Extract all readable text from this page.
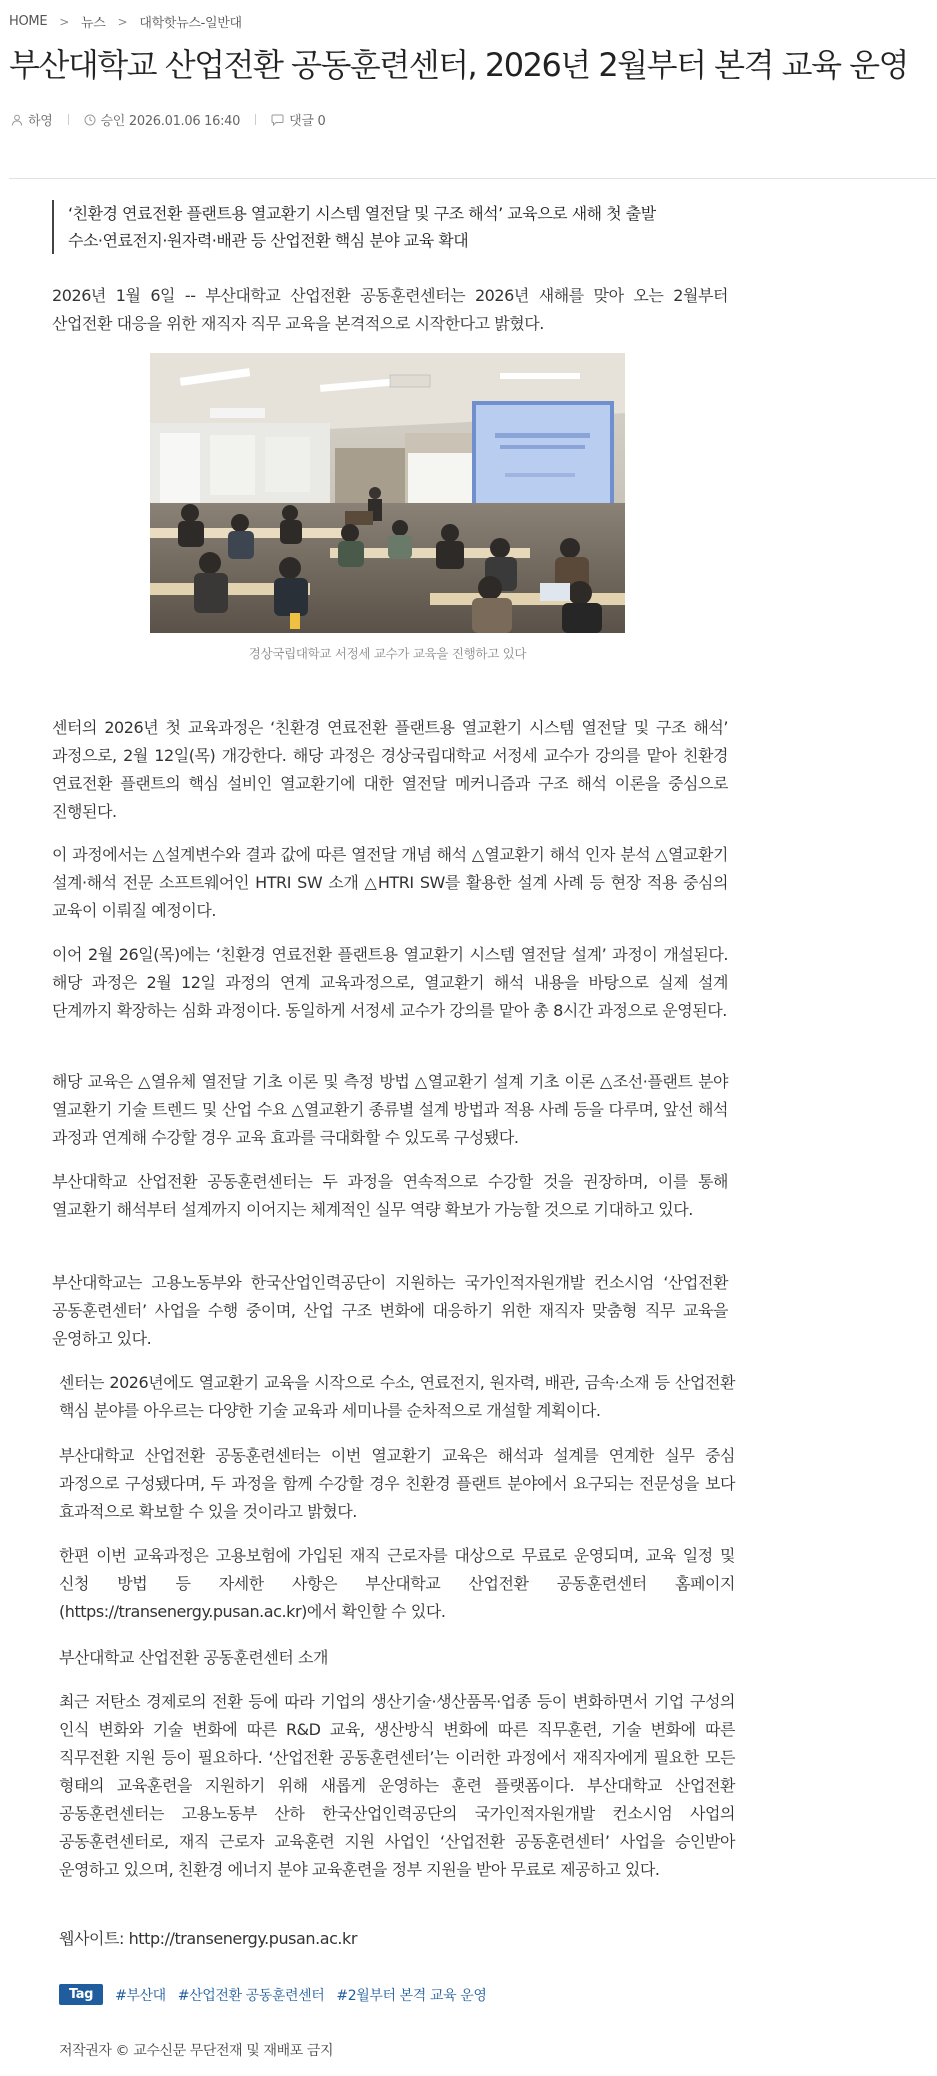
HOME > 뉴스 > 대학핫뉴스-일반대
부산대학교 산업전환 공동훈련센터, 2026년 2월부터 본격 교육 운영
하영	승인 2026.01.06 16:40	댓글 0
‘친환경 연료전환 플랜트용 열교환기 시스템 열전달 및 구조 해석’ 교육으로 새해 첫 출발
수소·연료전지·원자력·배관 등 산업전환 핵심 분야 교육 확대

2026년 1월 6일 -- 부산대학교 산업전환 공동훈련센터는 2026년 새해를 맞아 오는 2월부터 산업전환 대응을 위한 재직자 직무 교육을 본격적으로 시작한다고 밝혔다.

경상국립대학교 서정세 교수가 교육을 진행하고 있다

센터의 2026년 첫 교육과정은 ‘친환경 연료전환 플랜트용 열교환기 시스템 열전달 및 구조 해석’ 과정으로, 2월 12일(목) 개강한다. 해당 과정은 경상국립대학교 서정세 교수가 강의를 맡아 친환경 연료전환 플랜트의 핵심 설비인 열교환기에 대한 열전달 메커니즘과 구조 해석 이론을 중심으로 진행된다.

이 과정에서는 △설계변수와 결과 값에 따른 열전달 개념 해석 △열교환기 해석 인자 분석 △열교환기 설계·해석 전문 소프트웨어인 HTRI SW 소개 △HTRI SW를 활용한 설계 사례 등 현장 적용 중심의 교육이 이뤄질 예정이다.

이어 2월 26일(목)에는 ‘친환경 연료전환 플랜트용 열교환기 시스템 열전달 설계’ 과정이 개설된다. 해당 과정은 2월 12일 과정의 연계 교육과정으로, 열교환기 해석 내용을 바탕으로 실제 설계 단계까지 확장하는 심화 과정이다. 동일하게 서정세 교수가 강의를 맡아 총 8시간 과정으로 운영된다.

해당 교육은 △열유체 열전달 기초 이론 및 측정 방법 △열교환기 설계 기초 이론 △조선·플랜트 분야 열교환기 기술 트렌드 및 산업 수요 △열교환기 종류별 설계 방법과 적용 사례 등을 다루며, 앞선 해석 과정과 연계해 수강할 경우 교육 효과를 극대화할 수 있도록 구성됐다.

부산대학교 산업전환 공동훈련센터는 두 과정을 연속적으로 수강할 것을 권장하며, 이를 통해 열교환기 해석부터 설계까지 이어지는 체계적인 실무 역량 확보가 가능할 것으로 기대하고 있다.

부산대학교는 고용노동부와 한국산업인력공단이 지원하는 국가인적자원개발 컨소시엄 ‘산업전환 공동훈련센터’ 사업을 수행 중이며, 산업 구조 변화에 대응하기 위한 재직자 맞춤형 직무 교육을 운영하고 있다.

센터는 2026년에도 열교환기 교육을 시작으로 수소, 연료전지, 원자력, 배관, 금속·소재 등 산업전환 핵심 분야를 아우르는 다양한 기술 교육과 세미나를 순차적으로 개설할 계획이다.

부산대학교 산업전환 공동훈련센터는 이번 열교환기 교육은 해석과 설계를 연계한 실무 중심 과정으로 구성됐다며, 두 과정을 함께 수강할 경우 친환경 플랜트 분야에서 요구되는 전문성을 보다 효과적으로 확보할 수 있을 것이라고 밝혔다.

한편 이번 교육과정은 고용보험에 가입된 재직 근로자를 대상으로 무료로 운영되며, 교육 일정 및 신청 방법 등 자세한 사항은 부산대학교 산업전환 공동훈련센터 홈페이지(https://transenergy.pusan.ac.kr)에서 확인할 수 있다.

부산대학교 산업전환 공동훈련센터 소개

최근 저탄소 경제로의 전환 등에 따라 기업의 생산기술·생산품목·업종 등이 변화하면서 기업 구성의 인식 변화와 기술 변화에 따른 R&D 교육, 생산방식 변화에 따른 직무훈련, 기술 변화에 따른 직무전환 지원 등이 필요하다. ‘산업전환 공동훈련센터’는 이러한 과정에서 재직자에게 필요한 모든 형태의 교육훈련을 지원하기 위해 새롭게 운영하는 훈련 플랫폼이다. 부산대학교 산업전환 공동훈련센터는 고용노동부 산하 한국산업인력공단의 국가인적자원개발 컨소시엄 사업의 공동훈련센터로, 재직 근로자 교육훈련 지원 사업인 ‘산업전환 공동훈련센터’ 사업을 승인받아 운영하고 있으며, 친환경 에너지 분야 교육훈련을 정부 지원을 받아 무료로 제공하고 있다.

웹사이트: http://transenergy.pusan.ac.kr
Tag	#부산대 #산업전환 공동훈련센터 #2월부터 본격 교육 운영
저작권자 © 교수신문 무단전재 및 재배포 금지
